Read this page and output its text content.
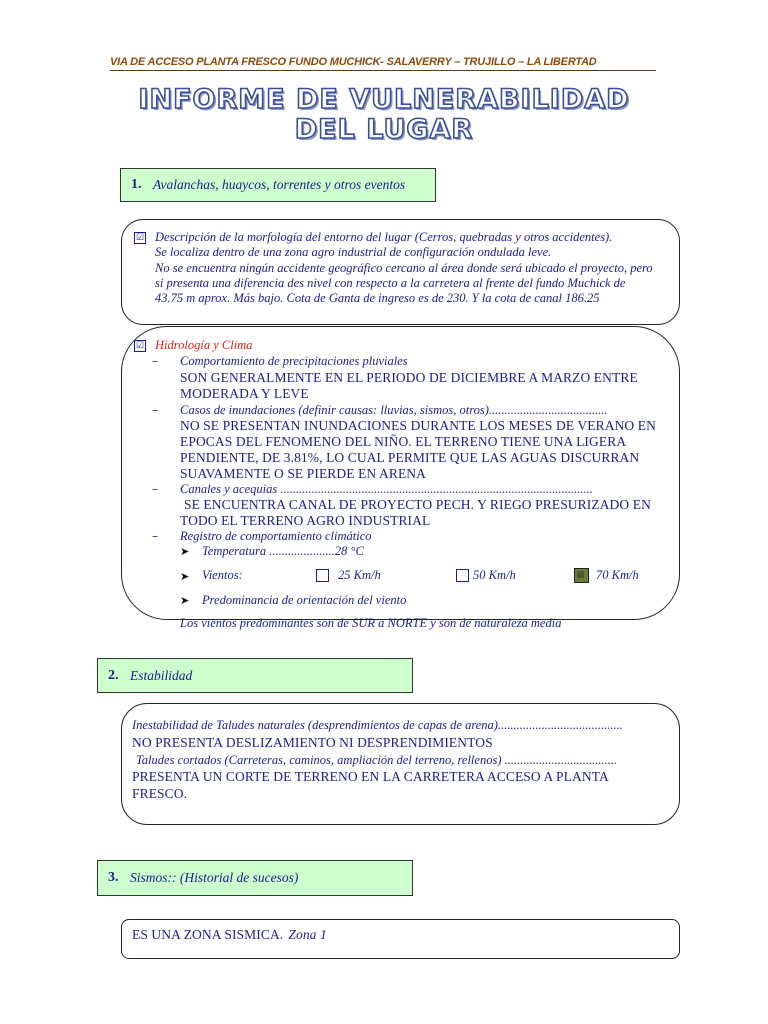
VIA DE ACCESO PLANTA FRESCO FUNDO MUCHICK- SALAVERRY – TRUJILLO – LA LIBERTAD
INFORME DE VULNERABILIDAD
DEL LUGAR
1. Avalanchas, huaycos, torrentes y otros eventos
☑ Descripción de la morfología del entorno del lugar (Cerros, quebradas y otros accidentes).
Se localiza dentro de una zona agro industrial de configuración ondulada leve.
No se encuentra ningún accidente geográfico cercano al área donde será ubicado el proyecto, pero
si presenta una diferencia des nivel con respecto a la carretera al frente del fundo Muchick de
43.75 m aprox. Más bajo. Cota de Ganta de ingreso es de 230. Y la cota de canal 186.25
☑ Hidrología y Clima
– Comportamiento de precipitaciones pluviales
SON GENERALMENTE EN EL PERIODO DE DICIEMBRE A MARZO ENTRE
MODERADA Y LEVE
– Casos de inundaciones (definir causas: lluvias, sismos, otros)......................................
NO SE PRESENTAN INUNDACIONES DURANTE LOS MESES DE VERANO EN
EPOCAS DEL FENOMENO DEL NIÑO. EL TERRENO TIENE UNA LIGERA
PENDIENTE, DE 3.81%, LO CUAL PERMITE QUE LAS AGUAS DISCURRAN
SUAVAMENTE O SE PIERDE EN ARENA
– Canales y acequias ....................................................................................................
SE ENCUENTRA CANAL DE PROYECTO PECH. Y RIEGO PRESURIZADO EN
TODO EL TERRENO AGRO INDUSTRIAL
– Registro de comportamiento climático
➤ Temperatura .....................28 °C
➤ Vientos:	25 Km/h	50 Km/h	70 Km/h
➤ Predominancia de orientación del viento
Los vientos predominantes son de SUR a NORTE y son de naturaleza media
2. Estabilidad
Inestabilidad de Taludes naturales (desprendimientos de capas de arena)........................................
NO PRESENTA DESLIZAMIENTO NI DESPRENDIMIENTOS
Taludes cortados (Carreteras, caminos, ampliación del terreno, rellenos) ....................................
PRESENTA UN CORTE DE TERRENO EN LA CARRETERA ACCESO A PLANTA
FRESCO.
3. Sismos:: (Historial de sucesos)
ES UNA ZONA SISMICA. Zona 1
